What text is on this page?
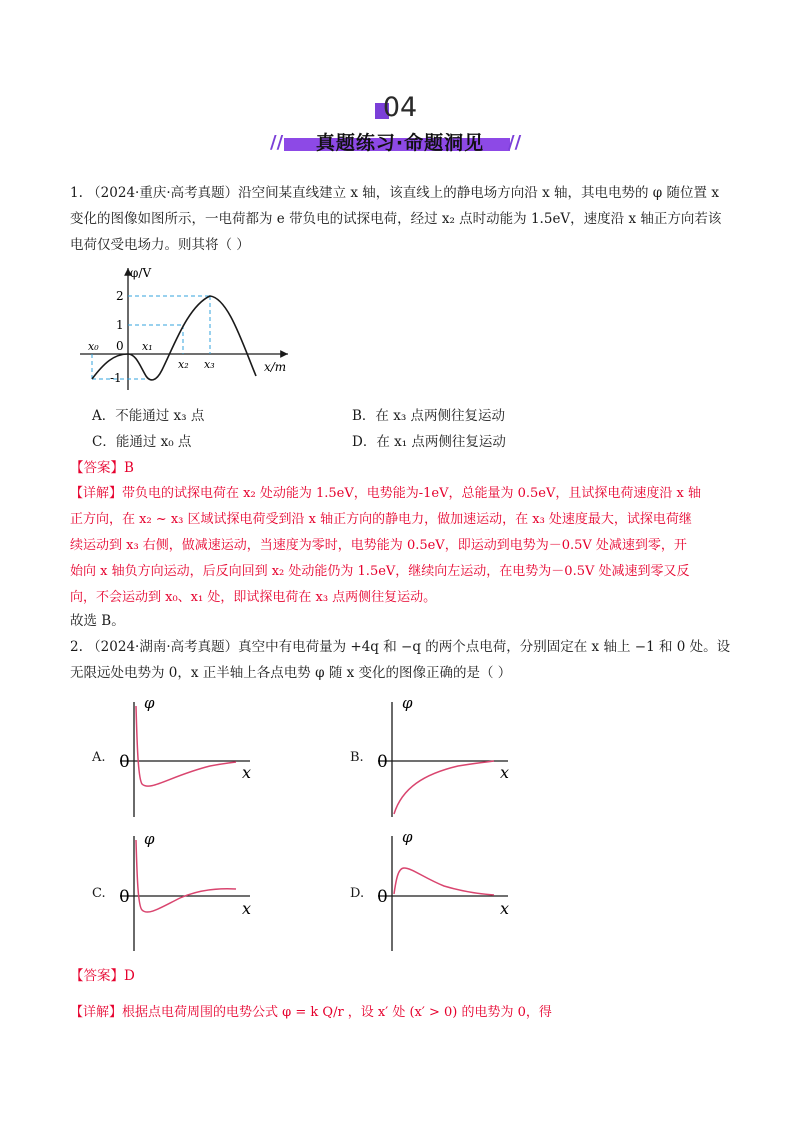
04
//	真题练习·命题洞见	//
1. （2024·重庆·高考真题）沿空间某直线建立 x 轴，该直线上的静电场方向沿 x 轴，其电电势的 φ 随位置 x
变化的图像如图所示，一电荷都为 e 带负电的试探电荷，经过 x₂ 点时动能为 1.5eV，速度沿 x 轴正方向若该
电荷仅受电场力。则其将（ ）
φ/V
x/m
2
1
0
-1
x₀	x₁
x₂ x₃
A．不能通过 x₃ 点	B．在 x₃ 点两侧往复运动
C．能通过 x₀ 点	D．在 x₁ 点两侧往复运动
【答案】B
【详解】带负电的试探电荷在 x₂ 处动能为 1.5eV，电势能为-1eV，总能量为 0.5eV，且试探电荷速度沿 x 轴
正方向，在 x₂ ~ x₃ 区域试探电荷受到沿 x 轴正方向的静电力，做加速运动，在 x₃ 处速度最大，试探电荷继
续运动到 x₃ 右侧，做减速运动，当速度为零时，电势能为 0.5eV，即运动到电势为－0.5V 处减速到零，开
始向 x 轴负方向运动，后反向回到 x₂ 处动能仍为 1.5eV，继续向左运动，在电势为－0.5V 处减速到零又反
向，不会运动到 x₀、x₁ 处，即试探电荷在 x₃ 点两侧往复运动。
故选 B。
2. （2024·湖南·高考真题）真空中有电荷量为 +4q 和 −q 的两个点电荷，分别固定在 x 轴上 −1 和 0 处。设
无限远处电势为 0，x 正半轴上各点电势 φ 随 x 变化的图像正确的是（ ）
A.
φ
x
0	B.
φ
x
0
C.
φ
x
0	D.
φ
x
0
【答案】D
【详解】根据点电荷周围的电势公式 φ = k Q/r ，设 x′ 处 (x′ > 0) 的电势为 0，得
